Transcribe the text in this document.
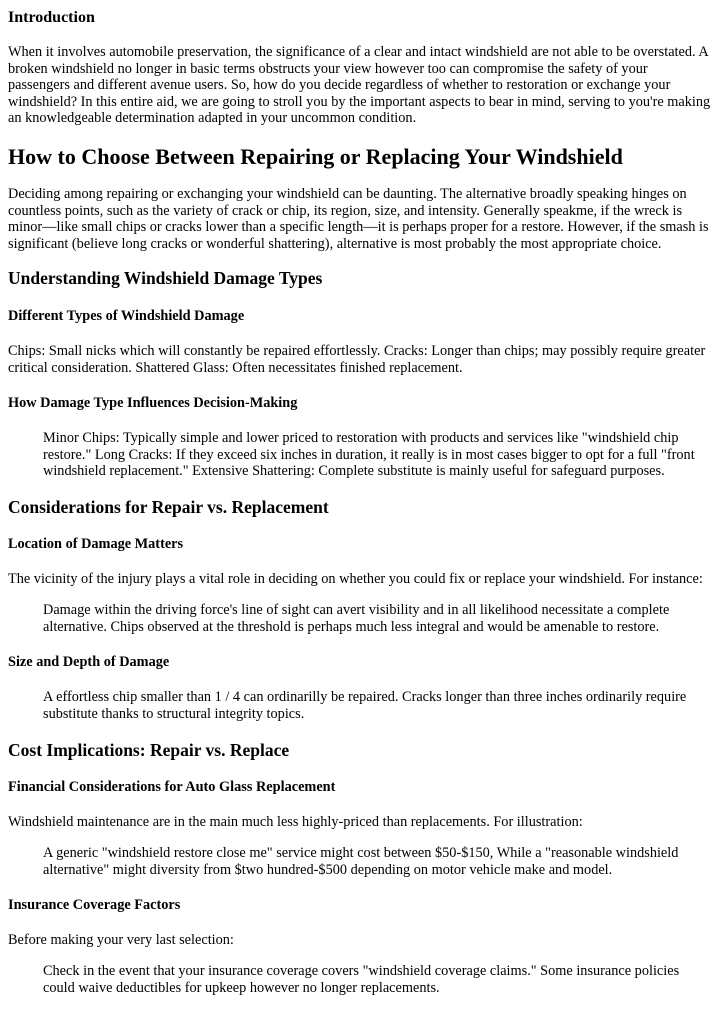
Introduction

When it involves automobile preservation, the significance of a clear and intact windshield are not able to be overstated. A broken windshield no longer in basic terms obstructs your view however too can compromise the safety of your passengers and different avenue users. So, how do you decide regardless of whether to restoration or exchange your windshield? In this entire aid, we are going to stroll you by the important aspects to bear in mind, serving to you're making an knowledgeable determination adapted in your uncommon condition.

How to Choose Between Repairing or Replacing Your Windshield

Deciding among repairing or exchanging your windshield can be daunting. The alternative broadly speaking hinges on countless points, such as the variety of crack or chip, its region, size, and intensity. Generally speakme, if the wreck is minor—like small chips or cracks lower than a specific length—it is perhaps proper for a restore. However, if the smash is significant (believe long cracks or wonderful shattering), alternative is most probably the most appropriate choice.

Understanding Windshield Damage Types
Different Types of Windshield Damage

Chips: Small nicks which will constantly be repaired effortlessly. Cracks: Longer than chips; may possibly require greater critical consideration. Shattered Glass: Often necessitates finished replacement.

How Damage Type Influences Decision-Making

Minor Chips: Typically simple and lower priced to restoration with products and services like "windshield chip restore." Long Cracks: If they exceed six inches in duration, it really is in most cases bigger to opt for a full "front windshield replacement." Extensive Shattering: Complete substitute is mainly useful for safeguard purposes.

Considerations for Repair vs. Replacement
Location of Damage Matters

The vicinity of the injury plays a vital role in deciding on whether you could fix or replace your windshield. For instance:

Damage within the driving force's line of sight can avert visibility and in all likelihood necessitate a complete alternative. Chips observed at the threshold is perhaps much less integral and would be amenable to restore.

Size and Depth of Damage

A effortless chip smaller than 1 / 4 can ordinarilly be repaired. Cracks longer than three inches ordinarily require substitute thanks to structural integrity topics.

Cost Implications: Repair vs. Replace
Financial Considerations for Auto Glass Replacement

Windshield maintenance are in the main much less highly-priced than replacements. For illustration:

A generic "windshield restore close me" service might cost between $50-$150, While a "reasonable windshield alternative" might diversity from $two hundred-$500 depending on motor vehicle make and model.

Insurance Coverage Factors

Before making your very last selection:

Check in the event that your insurance coverage covers "windshield coverage claims." Some insurance policies could waive deductibles for upkeep however no longer replacements.
